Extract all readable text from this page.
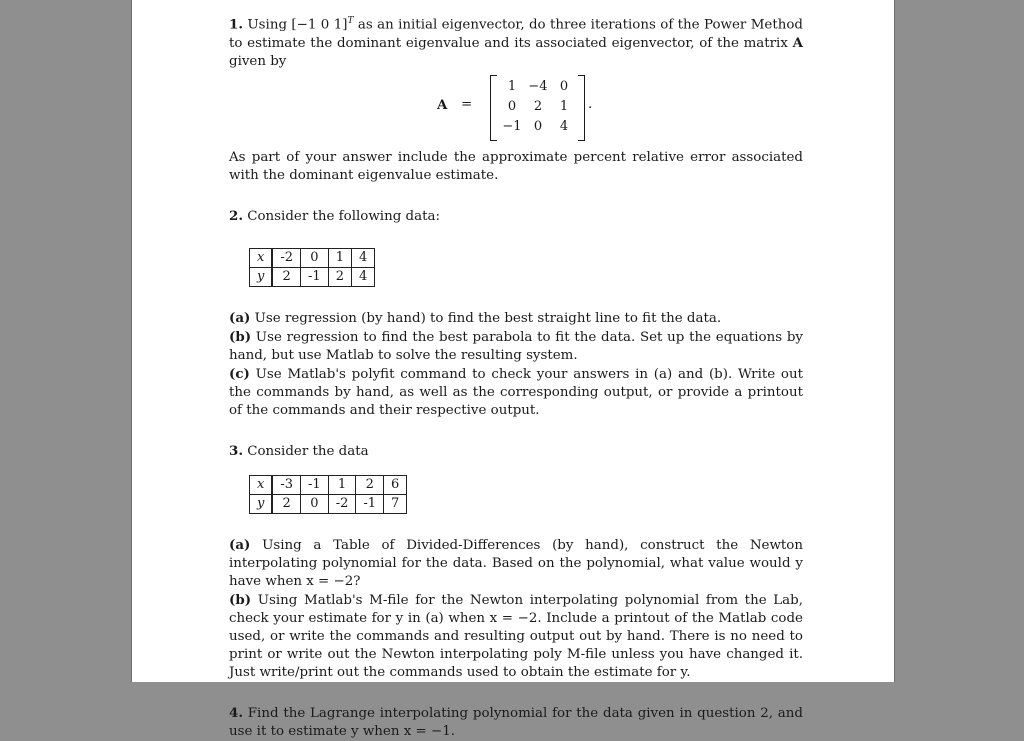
1. Using [−1 0 1]$^T$ as an initial eigenvector, do three iterations of the Power Method to estimate the dominant eigenvalue and its associated eigenvector, of the matrix A given by
A =
1	−4	0
0	2	1
−1	0	4
.
As part of your answer include the approximate percent relative error associated with the dominant eigenvalue estimate.
2. Consider the following data:
x	-2	0	1	4
y	2	-1	2	4
(a) Use regression (by hand) to find the best straight line to fit the data.
(b) Use regression to find the best parabola to fit the data. Set up the equations by hand, but use Matlab to solve the resulting system.
(c) Use Matlab's polyfit command to check your answers in (a) and (b). Write out the commands by hand, as well as the corresponding output, or provide a printout of the commands and their respective output.
3. Consider the data
x	-3	-1	1	2	6
y	2	0	-2	-1	7
(a) Using a Table of Divided-Differences (by hand), construct the Newton interpolating polynomial for the data. Based on the polynomial, what value would y have when x = −2?
(b) Using Matlab's M-file for the Newton interpolating polynomial from the Lab, check your estimate for y in (a) when x = −2. Include a printout of the Matlab code used, or write the commands and resulting output out by hand. There is no need to print or write out the Newton interpolating poly M-file unless you have changed it. Just write/print out the commands used to obtain the estimate for y.
4. Find the Lagrange interpolating polynomial for the data given in question 2, and use it to estimate y when x = −1.
